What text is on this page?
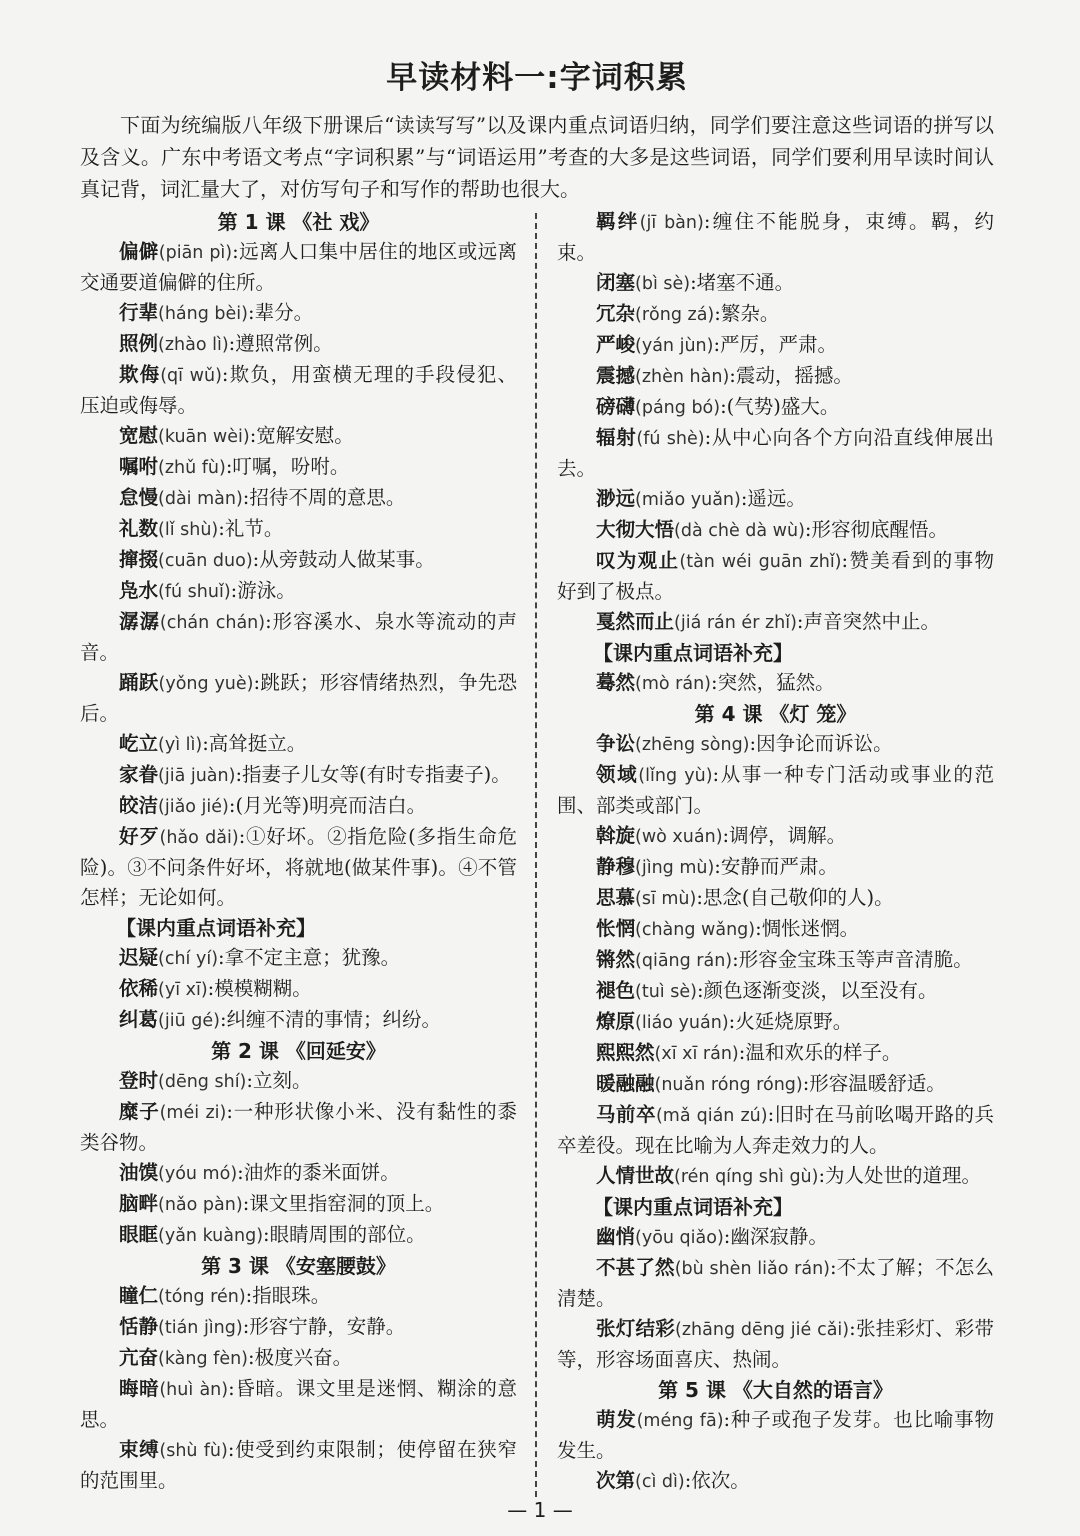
早读材料一:字词积累

下面为统编版八年级下册课后“读读写写”以及课内重点词语归纳，同学们要注意这些词语的拼写以及含义。广东中考语文考点“字词积累”与“词语运用”考查的大多是这些词语，同学们要利用早读时间认真记背，词汇量大了，对仿写句子和写作的帮助也很大。

第 1 课 《社 戏》

偏僻(piān pì):远离人口集中居住的地区或远离交通要道偏僻的住所。

行辈(háng bèi):辈分。

照例(zhào lì):遵照常例。

欺侮(qī wǔ):欺负，用蛮横无理的手段侵犯、压迫或侮辱。

宽慰(kuān wèi):宽解安慰。

嘱咐(zhǔ fù):叮嘱，吩咐。

怠慢(dài màn):招待不周的意思。

礼数(lǐ shù):礼节。

撺掇(cuān duo):从旁鼓动人做某事。

凫水(fú shuǐ):游泳。

潺潺(chán chán):形容溪水、泉水等流动的声音。

踊跃(yǒng yuè):跳跃；形容情绪热烈，争先恐后。

屹立(yì lì):高耸挺立。

家眷(jiā juàn):指妻子儿女等(有时专指妻子)。

皎洁(jiǎo jié):(月光等)明亮而洁白。

好歹(hǎo dǎi):①好坏。②指危险(多指生命危险)。③不问条件好坏，将就地(做某件事)。④不管怎样；无论如何。

【课内重点词语补充】

迟疑(chí yí):拿不定主意；犹豫。

依稀(yī xī):模模糊糊。

纠葛(jiū gé):纠缠不清的事情；纠纷。

第 2 课 《回延安》

登时(dēng shí):立刻。

糜子(méi zi):一种形状像小米、没有黏性的黍类谷物。

油馍(yóu mó):油炸的黍米面饼。

脑畔(nǎo pàn):课文里指窑洞的顶上。

眼眶(yǎn kuàng):眼睛周围的部位。

第 3 课 《安塞腰鼓》

瞳仁(tóng rén):指眼珠。

恬静(tián jìng):形容宁静，安静。

亢奋(kàng fèn):极度兴奋。

晦暗(huì àn):昏暗。课文里是迷惘、糊涂的意思。

束缚(shù fù):使受到约束限制；使停留在狭窄的范围里。

羁绊(jī bàn):缠住不能脱身，束缚。羁，约束。

闭塞(bì sè):堵塞不通。

冗杂(rǒng zá):繁杂。

严峻(yán jùn):严厉，严肃。

震撼(zhèn hàn):震动，摇撼。

磅礴(páng bó):(气势)盛大。

辐射(fú shè):从中心向各个方向沿直线伸展出去。

渺远(miǎo yuǎn):遥远。

大彻大悟(dà chè dà wù):形容彻底醒悟。

叹为观止(tàn wéi guān zhǐ):赞美看到的事物好到了极点。

戛然而止(jiá rán ér zhǐ):声音突然中止。

【课内重点词语补充】

蓦然(mò rán):突然，猛然。

第 4 课 《灯 笼》

争讼(zhēng sòng):因争论而诉讼。

领域(lǐng yù):从事一种专门活动或事业的范围、部类或部门。

斡旋(wò xuán):调停，调解。

静穆(jìng mù):安静而严肃。

思慕(sī mù):思念(自己敬仰的人)。

怅惘(chàng wǎng):惆怅迷惘。

锵然(qiāng rán):形容金宝珠玉等声音清脆。

褪色(tuì sè):颜色逐渐变淡，以至没有。

燎原(liáo yuán):火延烧原野。

熙熙然(xī xī rán):温和欢乐的样子。

暖融融(nuǎn róng róng):形容温暖舒适。

马前卒(mǎ qián zú):旧时在马前吆喝开路的兵卒差役。现在比喻为人奔走效力的人。

人情世故(rén qíng shì gù):为人处世的道理。

【课内重点词语补充】

幽悄(yōu qiǎo):幽深寂静。

不甚了然(bù shèn liǎo rán):不太了解；不怎么清楚。

张灯结彩(zhāng dēng jié cǎi):张挂彩灯、彩带等，形容场面喜庆、热闹。

第 5 课 《大自然的语言》

萌发(méng fā):种子或孢子发芽。也比喻事物发生。

次第(cì dì):依次。

— 1 —
